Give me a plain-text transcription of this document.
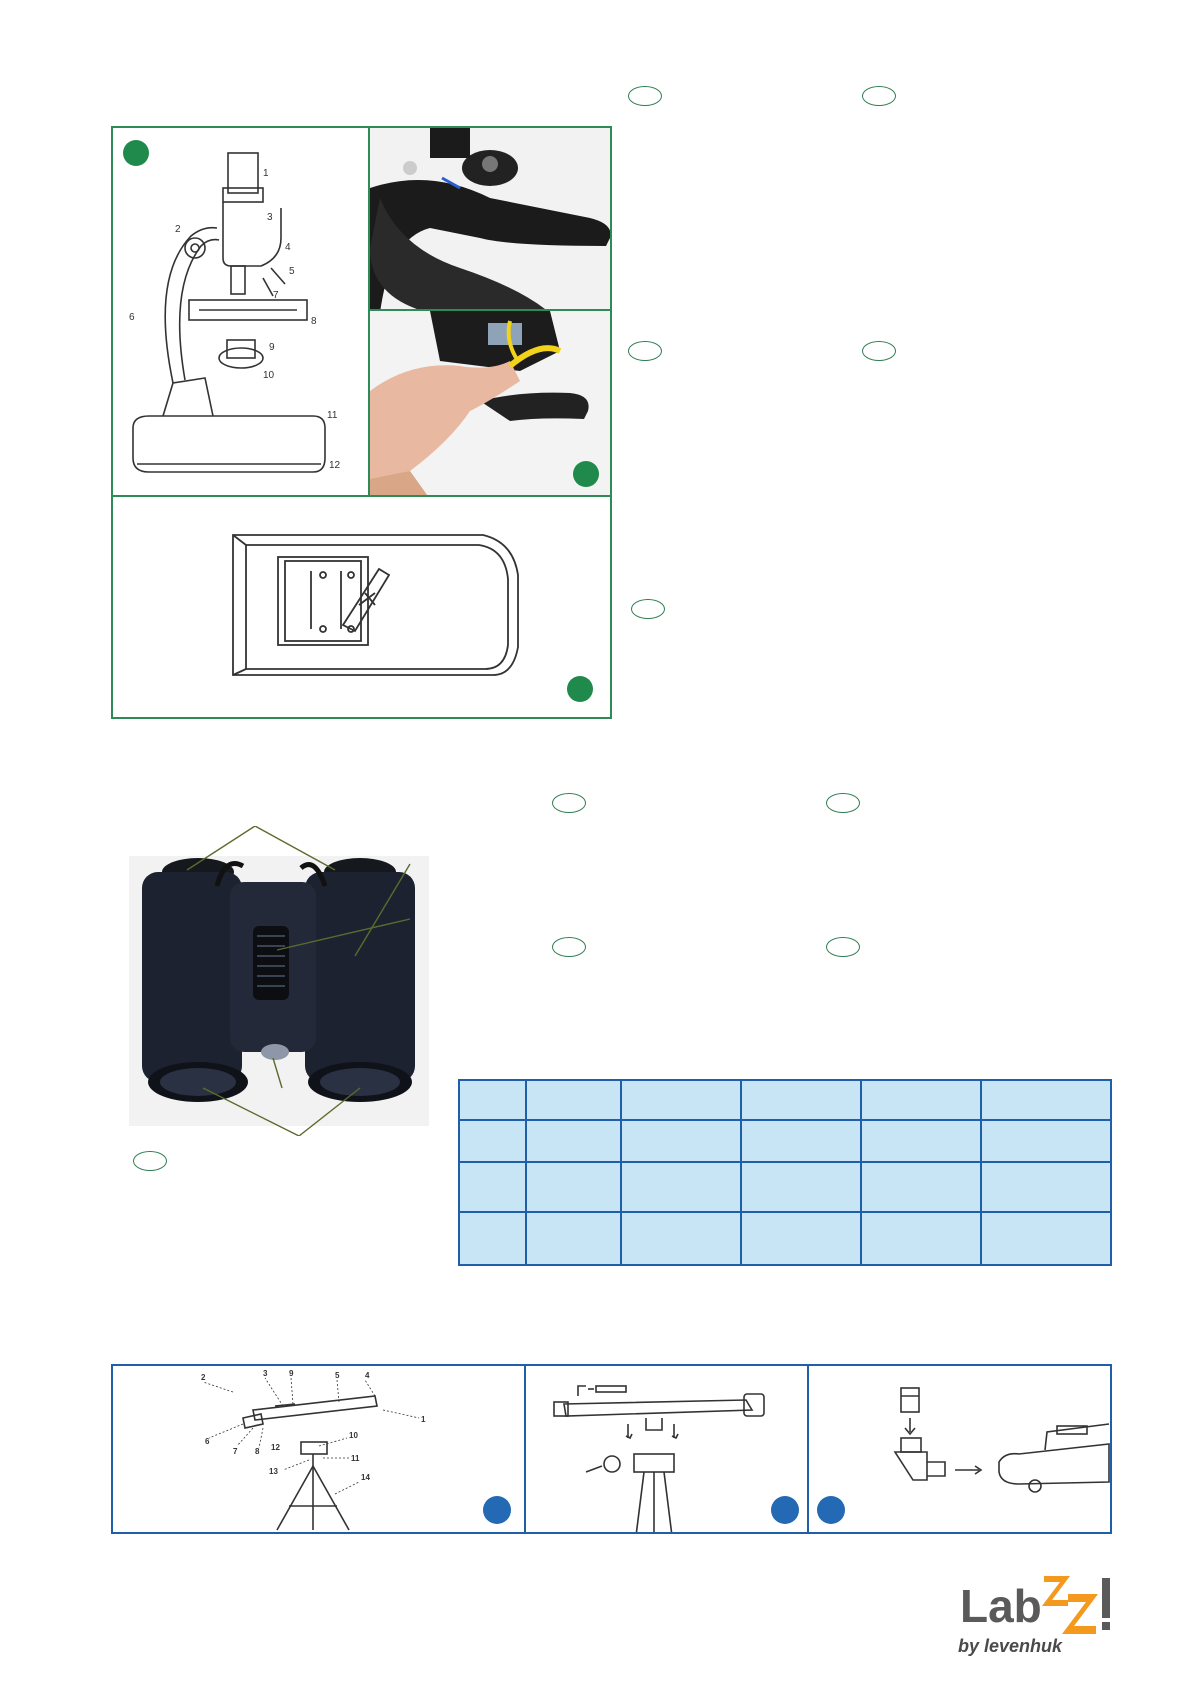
1
2
3
4
5
6
7
8
9
10
11
12

1
2	3	4
5
6
7 8
9
10
11
12
13
14
Lab
by levenhuk
